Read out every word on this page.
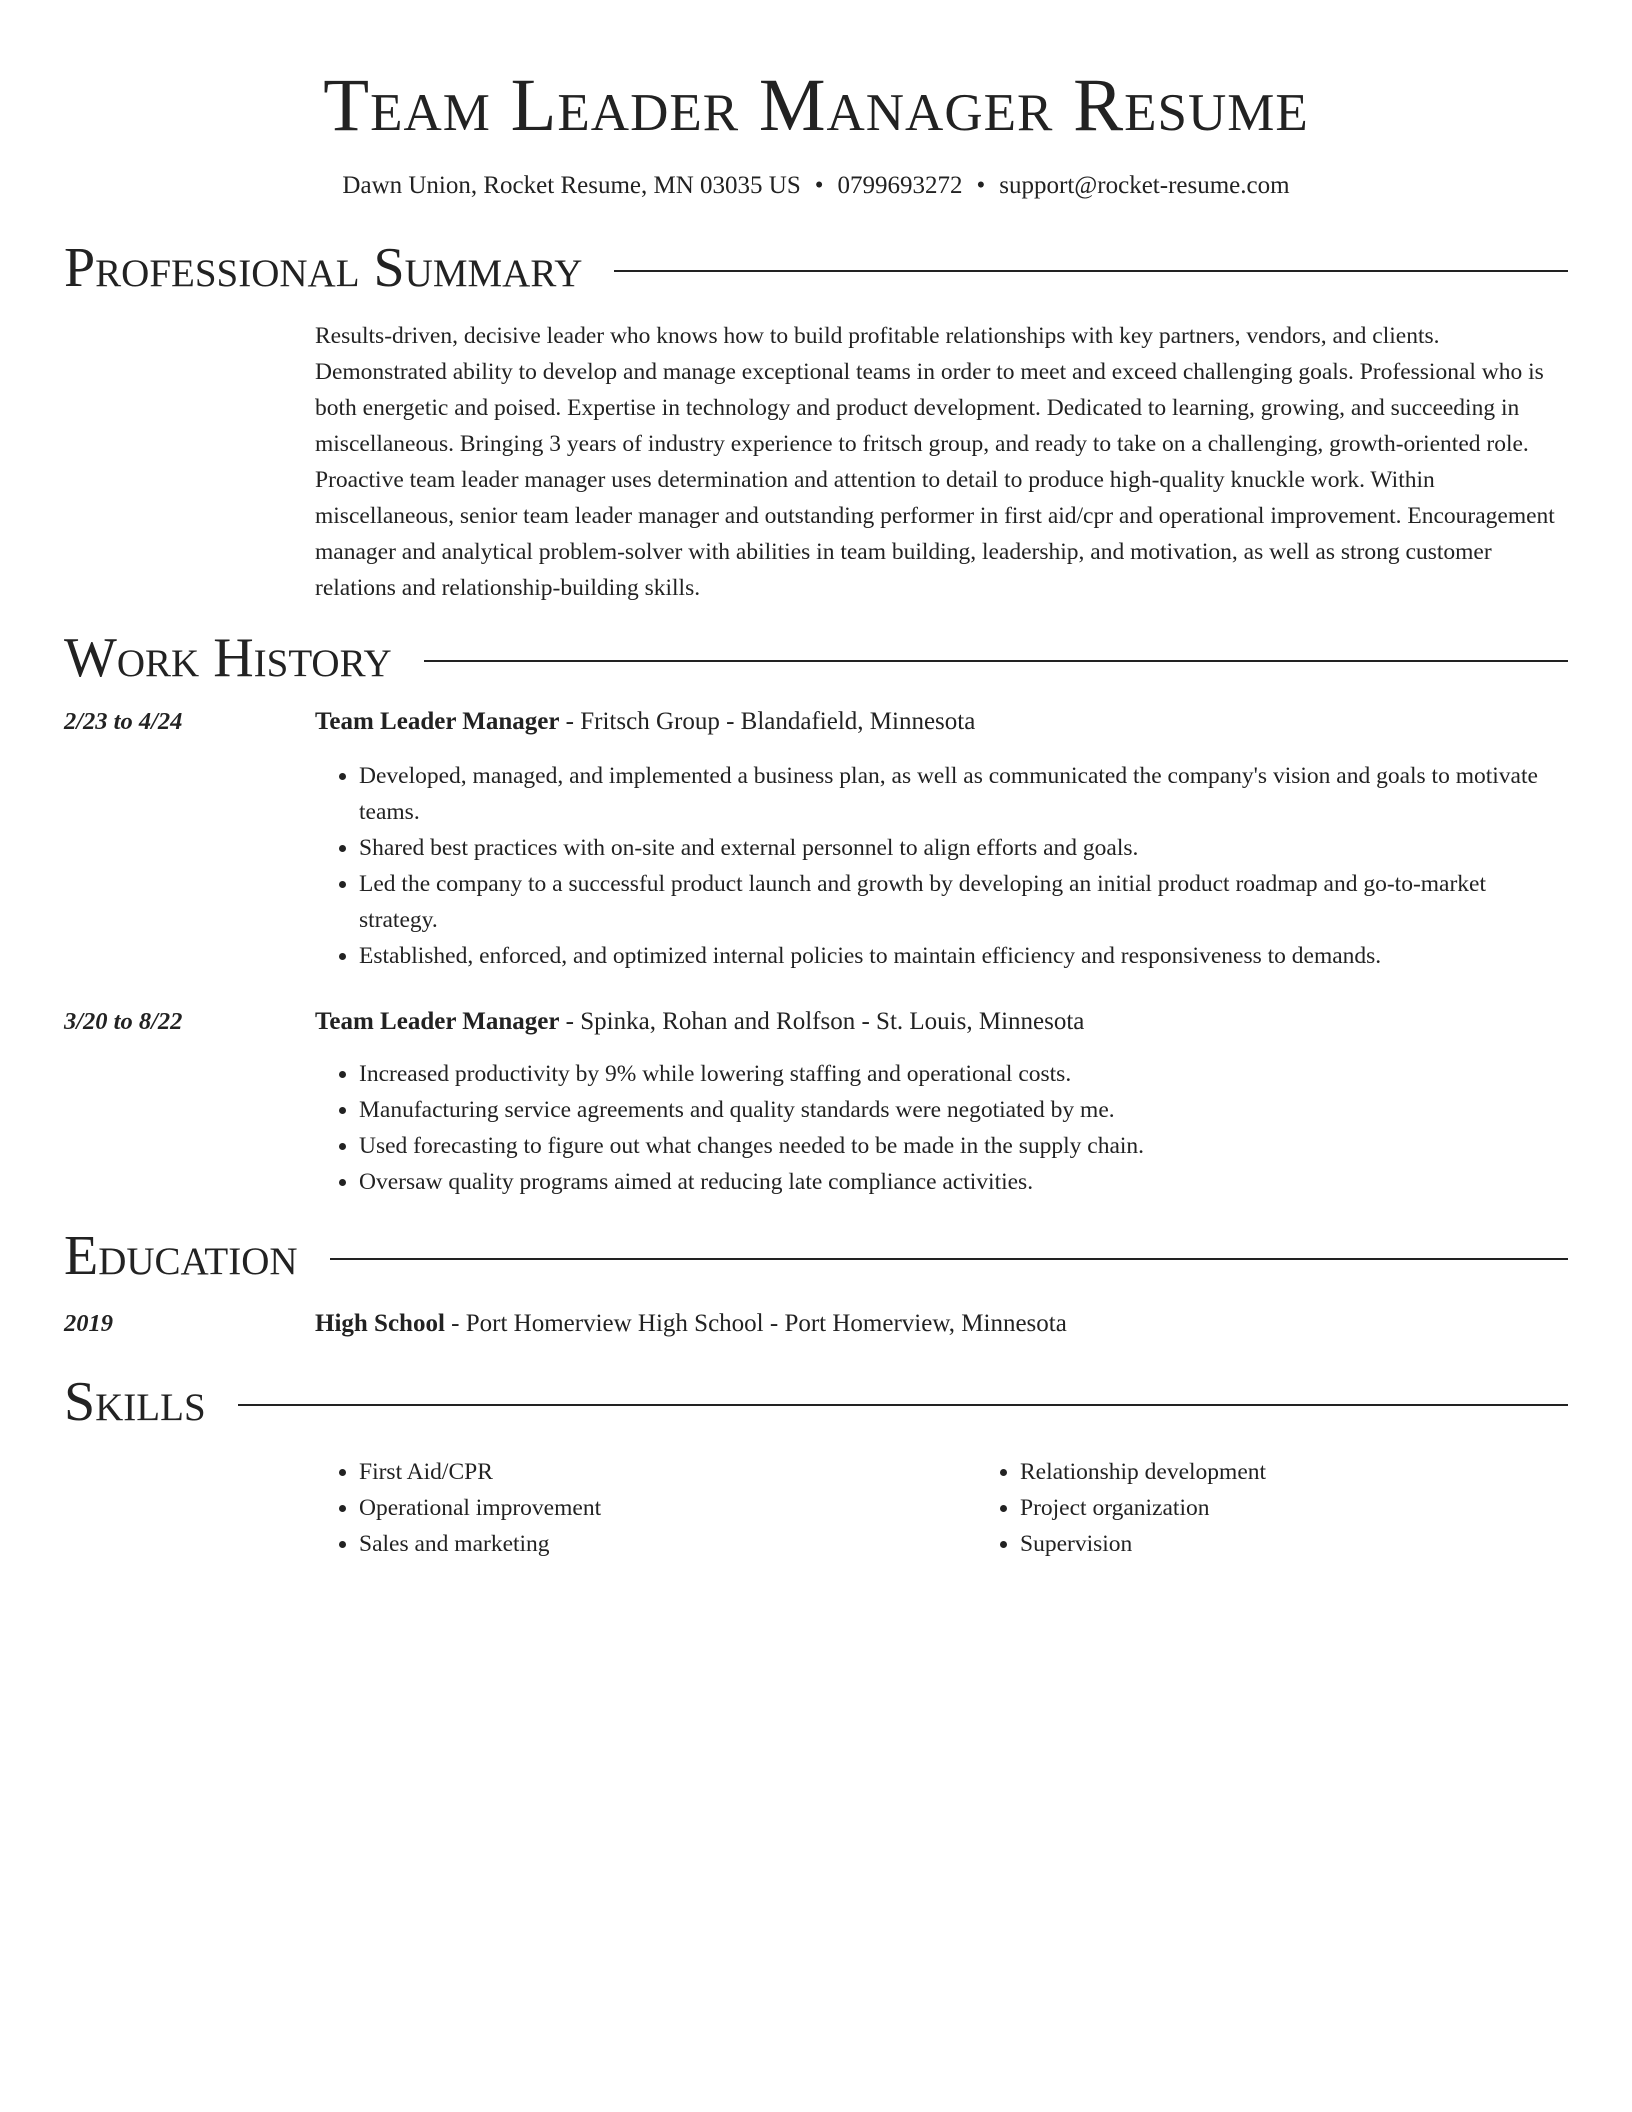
Team Leader Manager Resume
Dawn Union, Rocket Resume, MN 03035 US • 0799693272 • support@rocket-resume.com
Professional Summary
Results-driven, decisive leader who knows how to build profitable relationships with key partners, vendors, and clients. Demonstrated ability to develop and manage exceptional teams in order to meet and exceed challenging goals. Professional who is both energetic and poised. Expertise in technology and product development. Dedicated to learning, growing, and succeeding in miscellaneous. Bringing 3 years of industry experience to fritsch group, and ready to take on a challenging, growth-oriented role. Proactive team leader manager uses determination and attention to detail to produce high-quality knuckle work. Within miscellaneous, senior team leader manager and outstanding performer in first aid/cpr and operational improvement. Encouragement manager and analytical problem-solver with abilities in team building, leadership, and motivation, as well as strong customer relations and relationship-building skills.
Work History
2/23 to 4/24	Team Leader Manager - Fritsch Group - Blandafield, Minnesota
• Developed, managed, and implemented a business plan, as well as communicated the company's vision and goals to motivate teams.
• Shared best practices with on-site and external personnel to align efforts and goals.
• Led the company to a successful product launch and growth by developing an initial product roadmap and go-to-market strategy.
• Established, enforced, and optimized internal policies to maintain efficiency and responsiveness to demands.
3/20 to 8/22	Team Leader Manager - Spinka, Rohan and Rolfson - St. Louis, Minnesota
• Increased productivity by 9% while lowering staffing and operational costs.
• Manufacturing service agreements and quality standards were negotiated by me.
• Used forecasting to figure out what changes needed to be made in the supply chain.
• Oversaw quality programs aimed at reducing late compliance activities.
Education
2019	High School - Port Homerview High School - Port Homerview, Minnesota
Skills
• First Aid/CPR
• Operational improvement
• Sales and marketing
• Relationship development
• Project organization
• Supervision
